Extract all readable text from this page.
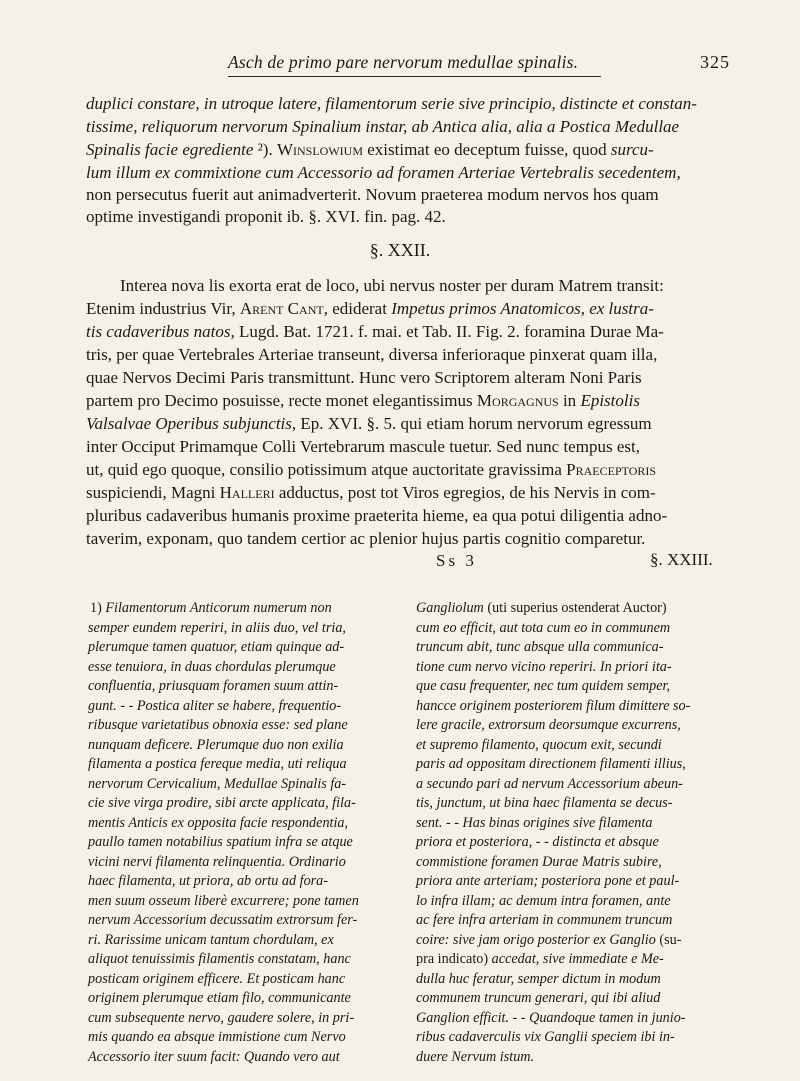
Asch de primo pare nervorum medullae spinalis.	325
duplici constare, in utroque latere, filamentorum serie sive principio, distincte et constan-
tissime, reliquorum nervorum Spinalium instar, ab Antica alia, alia a Postica Medullae
Spinalis facie egrediente ²). Winslowium existimat eo deceptum fuisse, quod surcu-
lum illum ex commixtione cum Accessorio ad foramen Arteriae Vertebralis secedentem,
non persecutus fuerit aut animadverterit. Novum praeterea modum nervos hos quam
optime investigandi proponit ib. §. XVI. fin. pag. 42.
§. XXII.
Interea nova lis exorta erat de loco, ubi nervus noster per duram Matrem transit:
Etenim industrius Vir, Arent Cant, ediderat Impetus primos Anatomicos, ex lustra-
tis cadaveribus natos, Lugd. Bat. 1721. f. mai. et Tab. II. Fig. 2. foramina Durae Ma-
tris, per quae Vertebrales Arteriae transeunt, diversa inferioraque pinxerat quam illa,
quae Nervos Decimi Paris transmittunt. Hunc vero Scriptorem alteram Noni Paris
partem pro Decimo posuisse, recte monet elegantissimus Morgagnus in Epistolis
Valsalvae Operibus subjunctis, Ep. XVI. §. 5. qui etiam horum nervorum egressum
inter Occiput Primamque Colli Vertebrarum mascule tuetur. Sed nunc tempus est,
ut, quid ego quoque, consilio potissimum atque auctoritate gravissima Praeceptoris
suspiciendi, Magni Halleri adductus, post tot Viros egregios, de his Nervis in com-
pluribus cadaveribus humanis proxime praeterita hieme, ea qua potui diligentia adno-
taverim, exponam, quo tandem certior ac plenior hujus partis cognitio comparetur.
Ss 3	§. XXIII.
1) Filamentorum Anticorum numerum non
semper eundem reperiri, in aliis duo, vel tria,
plerumque tamen quatuor, etiam quinque ad-
esse tenuiora, in duas chordulas plerumque
confluentia, priusquam foramen suum attin-
gunt. - - Postica aliter se habere, frequentio-
ribusque varietatibus obnoxia esse: sed plane
nunquam deficere. Plerumque duo non exilia
filamenta a postica fereque media, uti reliqua
nervorum Cervicalium, Medullae Spinalis fa-
cie sive virga prodire, sibi arcte applicata, fila-
mentis Anticis ex opposita facie respondentia,
paullo tamen notabilius spatium infra se atque
vicini nervi filamenta relinquentia. Ordinario
haec filamenta, ut priora, ab ortu ad fora-
men suum osseum liberè excurrere; pone tamen
nervum Accessorium decussatim extrorsum fer-
ri. Rarissime unicam tantum chordulam, ex
aliquot tenuissimis filamentis constatam, hanc
posticam originem efficere. Et posticam hanc
originem plerumque etiam filo, communicante
cum subsequente nervo, gaudere solere, in pri-
mis quando ea absque immistione cum Nervo
Accessorio iter suum facit: Quando vero aut
Gangliolum (uti superius ostenderat Auctor)
cum eo efficit, aut tota cum eo in communem
truncum abit, tunc absque ulla communica-
tione cum nervo vicino reperiri. In priori ita-
que casu frequenter, nec tum quidem semper,
hancce originem posteriorem filum dimittere so-
lere gracile, extrorsum deorsumque excurrens,
et supremo filamento, quocum exit, secundi
paris ad oppositam directionem filamenti illius,
a secundo pari ad nervum Accessorium abeun-
tis, junctum, ut bina haec filamenta se decus-
sent. - - Has binas origines sive filamenta
priora et posteriora, - - distincta et absque
commistione foramen Durae Matris subire,
priora ante arteriam; posteriora pone et paul-
lo infra illam; ac demum intra foramen, ante
ac fere infra arteriam in communem truncum
coire: sive jam origo posterior ex Ganglio (su-
pra indicato) accedat, sive immediate e Me-
dulla huc feratur, semper dictum in modum
communem truncum generari, qui ibi aliud
Ganglion efficit. - - Quandoque tamen in junio-
ribus cadaverculis vix Ganglii speciem ibi in-
duere Nervum istum.
